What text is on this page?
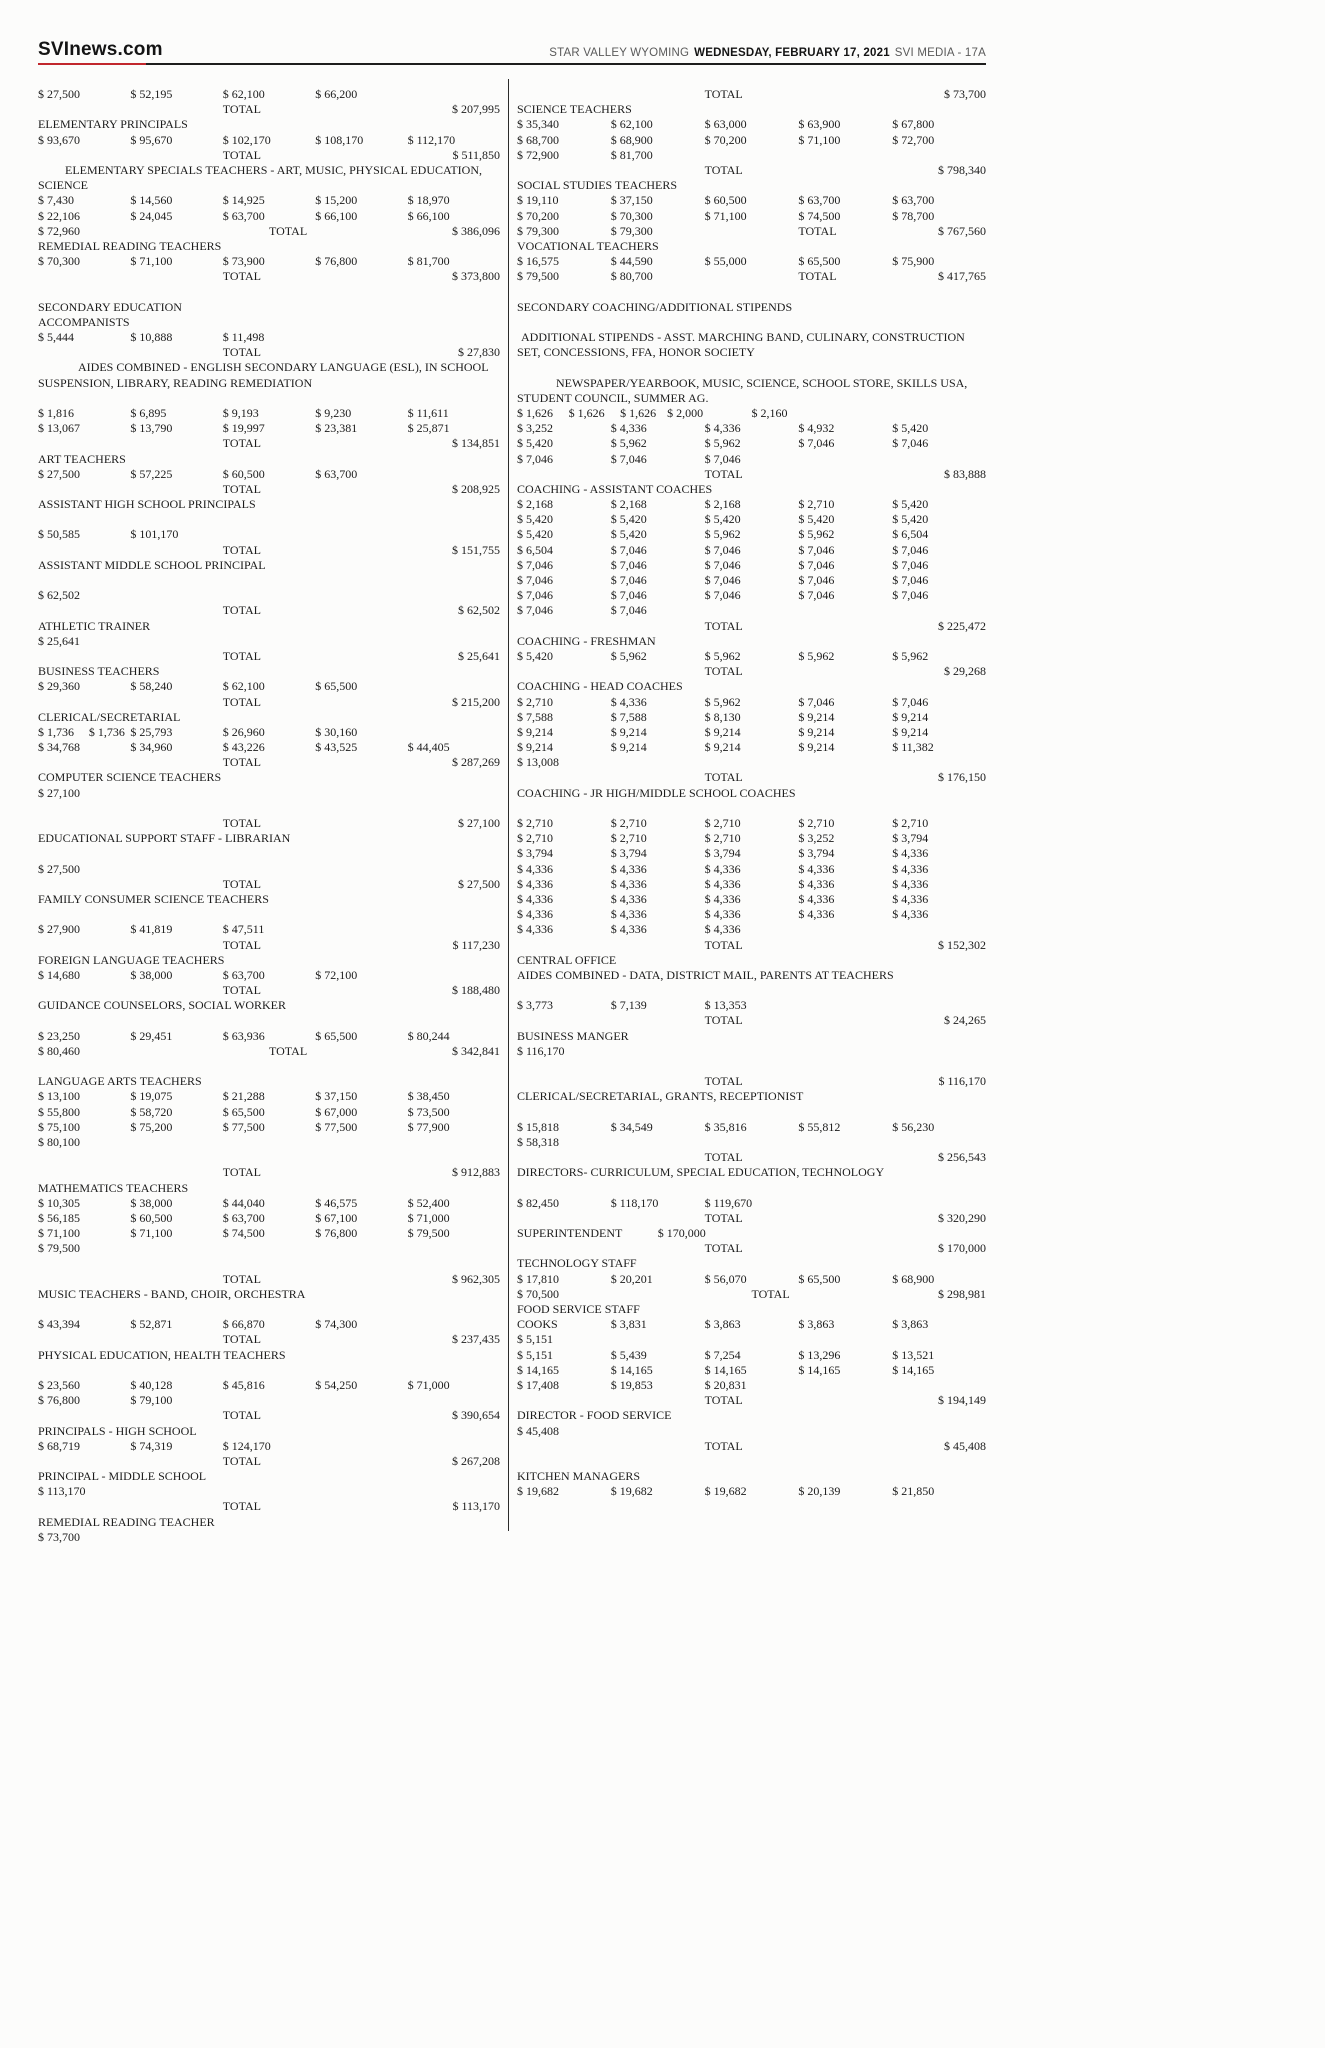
SVInews.com	STAR VALLEY WYOMING WEDNESDAY, FEBRUARY 17, 2021 SVI MEDIA - 17A
$ 27,500	$ 52,195	$ 62,100	$ 66,200
TOTAL	$ 207,995
ELEMENTARY PRINCIPALS
$ 93,670	$ 95,670	$ 102,170	$ 108,170	$ 112,170
TOTAL	$ 511,850
ELEMENTARY SPECIALS TEACHERS - ART, MUSIC, PHYSICAL EDUCATION,
SCIENCE
$ 7,430	$ 14,560	$ 14,925	$ 15,200	$ 18,970
$ 22,106	$ 24,045	$ 63,700	$ 66,100	$ 66,100
$ 72,960	TOTAL	$ 386,096
REMEDIAL READING TEACHERS
$ 70,300	$ 71,100	$ 73,900	$ 76,800	$ 81,700
TOTAL	$ 373,800
SECONDARY EDUCATION
ACCOMPANISTS
$ 5,444	$ 10,888	$ 11,498
TOTAL	$ 27,830
AIDES COMBINED - ENGLISH SECONDARY LANGUAGE (ESL), IN SCHOOL
SUSPENSION, LIBRARY, READING REMEDIATION
$ 1,816	$ 6,895	$ 9,193	$ 9,230	$ 11,611
$ 13,067	$ 13,790	$ 19,997	$ 23,381	$ 25,871
TOTAL	$ 134,851
ART TEACHERS
$ 27,500	$ 57,225	$ 60,500	$ 63,700
TOTAL	$ 208,925
ASSISTANT HIGH SCHOOL PRINCIPALS
$ 50,585	$ 101,170
TOTAL	$ 151,755
ASSISTANT MIDDLE SCHOOL PRINCIPAL
$ 62,502
TOTAL	$ 62,502
ATHLETIC TRAINER
$ 25,641
TOTAL	$ 25,641
BUSINESS TEACHERS
$ 29,360	$ 58,240	$ 62,100	$ 65,500
TOTAL	$ 215,200
CLERICAL/SECRETARIAL
$ 1,736 $ 1,736 $ 25,793	$ 26,960	$ 30,160
$ 34,768	$ 34,960	$ 43,226	$ 43,525	$ 44,405
TOTAL	$ 287,269
COMPUTER SCIENCE TEACHERS
$ 27,100
TOTAL	$ 27,100
EDUCATIONAL SUPPORT STAFF - LIBRARIAN
$ 27,500
TOTAL	$ 27,500
FAMILY CONSUMER SCIENCE TEACHERS
$ 27,900	$ 41,819	$ 47,511
TOTAL	$ 117,230
FOREIGN LANGUAGE TEACHERS
$ 14,680	$ 38,000	$ 63,700	$ 72,100
TOTAL	$ 188,480
GUIDANCE COUNSELORS, SOCIAL WORKER
$ 23,250	$ 29,451	$ 63,936	$ 65,500	$ 80,244
$ 80,460	TOTAL	$ 342,841
LANGUAGE ARTS TEACHERS
$ 13,100	$ 19,075	$ 21,288	$ 37,150	$ 38,450
$ 55,800	$ 58,720	$ 65,500	$ 67,000	$ 73,500
$ 75,100	$ 75,200	$ 77,500	$ 77,500	$ 77,900
$ 80,100
TOTAL	$ 912,883
MATHEMATICS TEACHERS
$ 10,305	$ 38,000	$ 44,040	$ 46,575	$ 52,400
$ 56,185	$ 60,500	$ 63,700	$ 67,100	$ 71,000
$ 71,100	$ 71,100	$ 74,500	$ 76,800	$ 79,500
$ 79,500
TOTAL	$ 962,305
MUSIC TEACHERS - BAND, CHOIR, ORCHESTRA
$ 43,394	$ 52,871	$ 66,870	$ 74,300
TOTAL	$ 237,435
PHYSICAL EDUCATION, HEALTH TEACHERS
$ 23,560	$ 40,128	$ 45,816	$ 54,250	$ 71,000
$ 76,800	$ 79,100
TOTAL	$ 390,654
PRINCIPALS - HIGH SCHOOL
$ 68,719	$ 74,319	$ 124,170
TOTAL	$ 267,208
PRINCIPAL - MIDDLE SCHOOL
$ 113,170
TOTAL	$ 113,170
REMEDIAL READING TEACHER
$ 73,700
TOTAL	$ 73,700
SCIENCE TEACHERS
$ 35,340	$ 62,100	$ 63,000	$ 63,900	$ 67,800
$ 68,700	$ 68,900	$ 70,200	$ 71,100	$ 72,700
$ 72,900	$ 81,700
TOTAL	$ 798,340
SOCIAL STUDIES TEACHERS
$ 19,110	$ 37,150	$ 60,500	$ 63,700	$ 63,700
$ 70,200	$ 70,300	$ 71,100	$ 74,500	$ 78,700
$ 79,300	$ 79,300	TOTAL	$ 767,560
VOCATIONAL TEACHERS
$ 16,575	$ 44,590	$ 55,000	$ 65,500	$ 75,900
$ 79,500	$ 80,700	TOTAL	$ 417,765
SECONDARY COACHING/ADDITIONAL STIPENDS
ADDITIONAL STIPENDS - ASST. MARCHING BAND, CULINARY, CONSTRUCTION
SET, CONCESSIONS, FFA, HONOR SOCIETY
NEWSPAPER/YEARBOOK, MUSIC, SCIENCE, SCHOOL STORE, SKILLS USA,
STUDENT COUNCIL, SUMMER AG.
$ 1,626 $ 1,626 $ 1,626 $ 2,000	$ 2,160
$ 3,252	$ 4,336	$ 4,336	$ 4,932	$ 5,420
$ 5,420	$ 5,962	$ 5,962	$ 7,046	$ 7,046
$ 7,046	$ 7,046	$ 7,046
TOTAL	$ 83,888
COACHING - ASSISTANT COACHES
$ 2,168	$ 2,168	$ 2,168	$ 2,710	$ 5,420
$ 5,420	$ 5,420	$ 5,420	$ 5,420	$ 5,420
$ 5,420	$ 5,420	$ 5,962	$ 5,962	$ 6,504
$ 6,504	$ 7,046	$ 7,046	$ 7,046	$ 7,046
$ 7,046	$ 7,046	$ 7,046	$ 7,046	$ 7,046
$ 7,046	$ 7,046	$ 7,046	$ 7,046	$ 7,046
$ 7,046	$ 7,046	$ 7,046	$ 7,046	$ 7,046
$ 7,046	$ 7,046
TOTAL	$ 225,472
COACHING - FRESHMAN
$ 5,420	$ 5,962	$ 5,962	$ 5,962	$ 5,962
TOTAL	$ 29,268
COACHING - HEAD COACHES
$ 2,710	$ 4,336	$ 5,962	$ 7,046	$ 7,046
$ 7,588	$ 7,588	$ 8,130	$ 9,214	$ 9,214
$ 9,214	$ 9,214	$ 9,214	$ 9,214	$ 9,214
$ 9,214	$ 9,214	$ 9,214	$ 9,214	$ 11,382
$ 13,008
TOTAL	$ 176,150
COACHING - JR HIGH/MIDDLE SCHOOL COACHES
$ 2,710	$ 2,710	$ 2,710	$ 2,710	$ 2,710
$ 2,710	$ 2,710	$ 2,710	$ 3,252	$ 3,794
$ 3,794	$ 3,794	$ 3,794	$ 3,794	$ 4,336
$ 4,336	$ 4,336	$ 4,336	$ 4,336	$ 4,336
$ 4,336	$ 4,336	$ 4,336	$ 4,336	$ 4,336
$ 4,336	$ 4,336	$ 4,336	$ 4,336	$ 4,336
$ 4,336	$ 4,336	$ 4,336	$ 4,336	$ 4,336
$ 4,336	$ 4,336	$ 4,336
TOTAL	$ 152,302
CENTRAL OFFICE
AIDES COMBINED - DATA, DISTRICT MAIL, PARENTS AT TEACHERS
$ 3,773	$ 7,139	$ 13,353
TOTAL	$ 24,265
BUSINESS MANGER
$ 116,170
TOTAL	$ 116,170
CLERICAL/SECRETARIAL, GRANTS, RECEPTIONIST
$ 15,818	$ 34,549	$ 35,816	$ 55,812	$ 56,230
$ 58,318
TOTAL	$ 256,543
DIRECTORS- CURRICULUM, SPECIAL EDUCATION, TECHNOLOGY
$ 82,450	$ 118,170	$ 119,670
TOTAL	$ 320,290
SUPERINTENDENT	$ 170,000
TOTAL	$ 170,000
TECHNOLOGY STAFF
$ 17,810	$ 20,201	$ 56,070	$ 65,500	$ 68,900
$ 70,500	TOTAL	$ 298,981
FOOD SERVICE STAFF
COOKS	$ 3,831	$ 3,863	$ 3,863	$ 3,863
$ 5,151
$ 5,151	$ 5,439	$ 7,254	$ 13,296	$ 13,521
$ 14,165	$ 14,165	$ 14,165	$ 14,165	$ 14,165
$ 17,408	$ 19,853	$ 20,831
TOTAL	$ 194,149
DIRECTOR - FOOD SERVICE
$ 45,408
TOTAL	$ 45,408
KITCHEN MANAGERS
$ 19,682	$ 19,682	$ 19,682	$ 20,139	$ 21,850
